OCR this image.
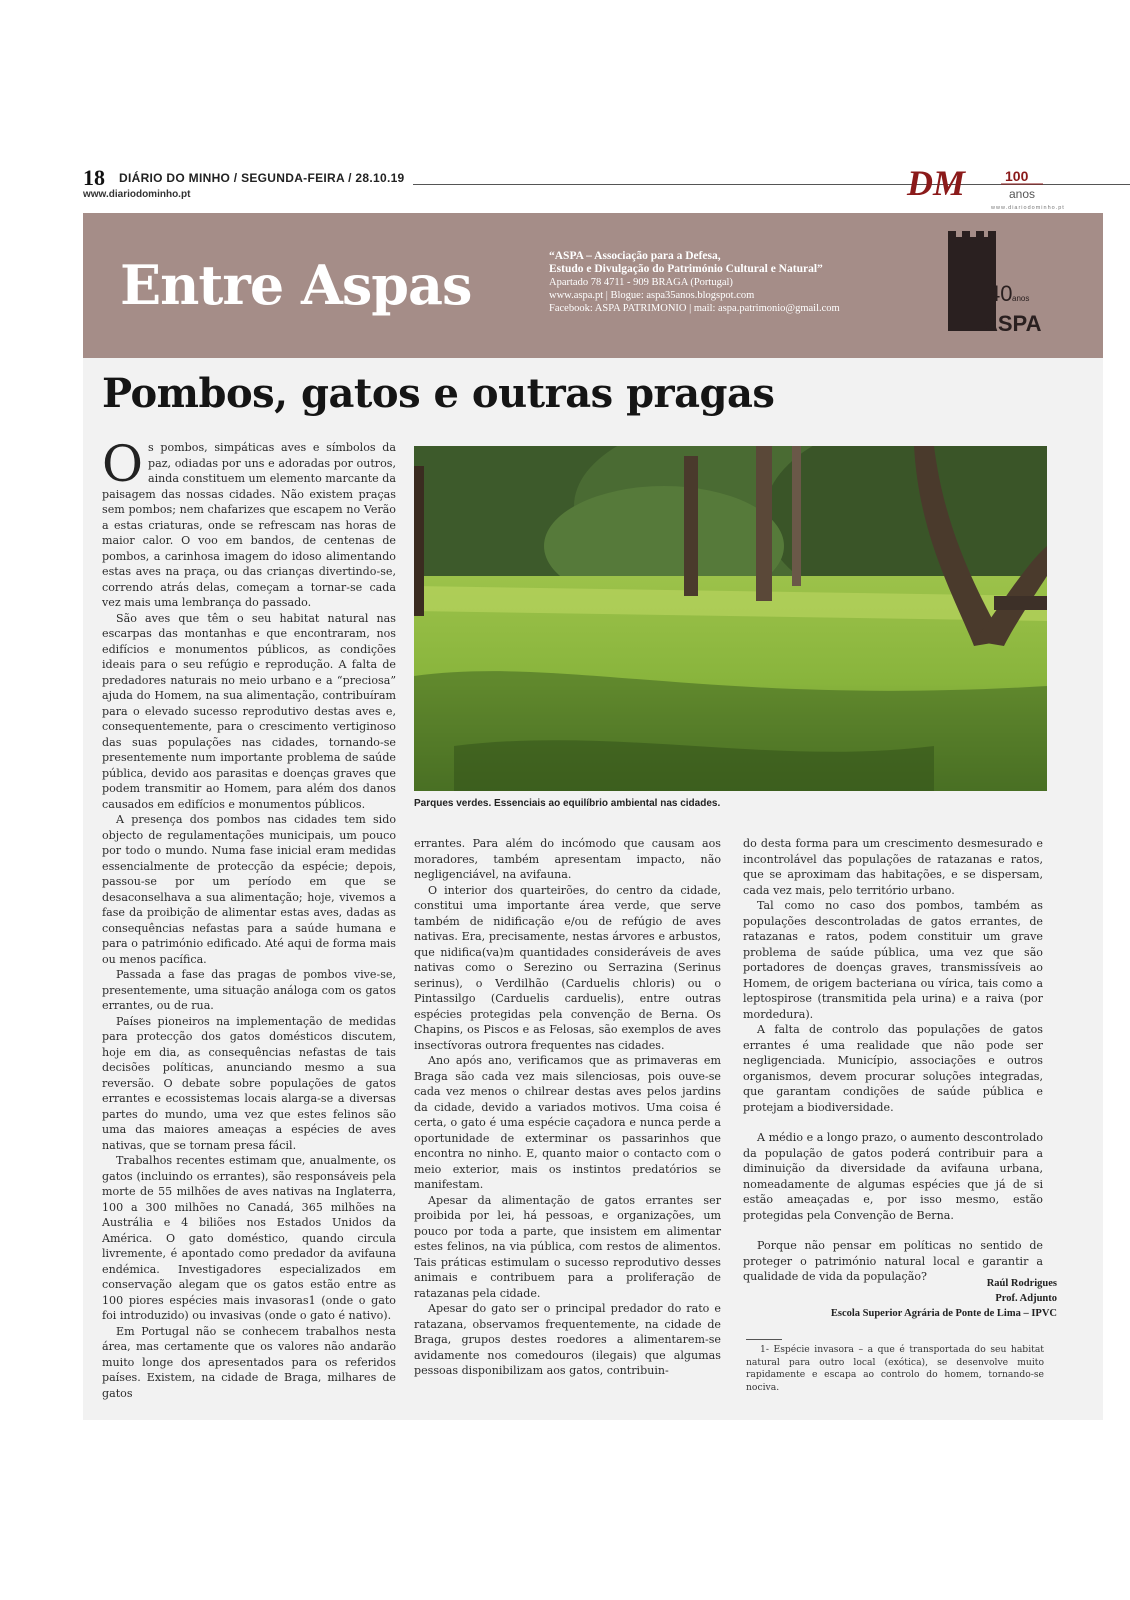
18 DIÁRIO DO MINHO / SEGUNDA-FEIRA / 28.10.19
www.diariodominho.pt	DM	100
anos
www.diariodominho.pt
Entre Aspas	“ASPA – Associação para a Defesa,
Estudo e Divulgação do Património Cultural e Natural”
Apartado 78 4711 - 909 BRAGA (Portugal)
www.aspa.pt | Blogue: aspa35anos.blogspot.com
Facebook: ASPA PATRIMONIO | mail: aspa.patrimonio@gmail.com
40 anos
ASPA
Pombos, gatos e outras pragas
O s pombos, simpáticas aves e símbolos da paz, odiadas por uns e adoradas por outros, ainda constituem um elemento marcante da paisagem das nossas cidades. Não existem praças sem pombos; nem chafarizes que escapem no Verão a estas criaturas, onde se refrescam nas horas de maior calor. O voo em bandos, de centenas de pombos, a carinhosa imagem do idoso alimentando estas aves na praça, ou das crianças divertindo-se, correndo atrás delas, começam a tornar-se cada vez mais uma lembrança do passado.

São aves que têm o seu habitat natural nas escarpas das montanhas e que encontraram, nos edifícios e monumentos públicos, as condições ideais para o seu refúgio e reprodução. A falta de predadores naturais no meio urbano e a “preciosa” ajuda do Homem, na sua alimentação, contribuíram para o elevado sucesso reprodutivo destas aves e, consequentemente, para o crescimento vertiginoso das suas populações nas cidades, tornando-se presentemente num importante problema de saúde pública, devido aos parasitas e doenças graves que podem transmitir ao Homem, para além dos danos causados em edifícios e monumentos públicos.

A presença dos pombos nas cidades tem sido objecto de regulamentações municipais, um pouco por todo o mundo. Numa fase inicial eram medidas essencialmente de protecção da espécie; depois, passou-se por um período em que se desaconselhava a sua alimentação; hoje, vivemos a fase da proibição de alimentar estas aves, dadas as consequências nefastas para a saúde humana e para o património edificado. Até aqui de forma mais ou menos pacífica.

Passada a fase das pragas de pombos vive-se, presentemente, uma situação análoga com os gatos errantes, ou de rua.

Países pioneiros na implementação de medidas para protecção dos gatos domésticos discutem, hoje em dia, as consequências nefastas de tais decisões políticas, anunciando mesmo a sua reversão. O debate sobre populações de gatos errantes e ecossistemas locais alarga-se a diversas partes do mundo, uma vez que estes felinos são uma das maiores ameaças a espécies de aves nativas, que se tornam presa fácil.

Trabalhos recentes estimam que, anualmente, os gatos (incluindo os errantes), são responsáveis pela morte de 55 milhões de aves nativas na Inglaterra, 100 a 300 milhões no Canadá, 365 milhões na Austrália e 4 biliões nos Estados Unidos da América. O gato doméstico, quando circula livremente, é apontado como predador da avifauna endémica. Investigadores especializados em conservação alegam que os gatos estão entre as 100 piores espécies mais invasoras1 (onde o gato foi introduzido) ou invasivas (onde o gato é nativo).

Em Portugal não se conhecem trabalhos nesta área, mas certamente que os valores não andarão muito longe dos apresentados para os referidos países. Existem, na cidade de Braga, milhares de gatos

Parques verdes. Essenciais ao equilíbrio ambiental nas cidades.

errantes. Para além do incómodo que causam aos moradores, também apresentam impacto, não negligenciável, na avifauna.

O interior dos quarteirões, do centro da cidade, constitui uma importante área verde, que serve também de nidificação e/ou de refúgio de aves nativas. Era, precisamente, nestas árvores e arbustos, que nidifica(va)m quantidades consideráveis de aves nativas como o Serezino ou Serrazina (Serinus serinus), o Verdilhão (Carduelis chloris) ou o Pintassilgo (Carduelis carduelis), entre outras espécies protegidas pela convenção de Berna. Os Chapins, os Piscos e as Felosas, são exemplos de aves insectívoras outrora frequentes nas cidades.

Ano após ano, verificamos que as primaveras em Braga são cada vez mais silenciosas, pois ouve-se cada vez menos o chilrear destas aves pelos jardins da cidade, devido a variados motivos. Uma coisa é certa, o gato é uma espécie caçadora e nunca perde a oportunidade de exterminar os passarinhos que encontra no ninho. E, quanto maior o contacto com o meio exterior, mais os instintos predatórios se manifestam.

Apesar da alimentação de gatos errantes ser proibida por lei, há pessoas, e organizações, um pouco por toda a parte, que insistem em alimentar estes felinos, na via pública, com restos de alimentos. Tais práticas estimulam o sucesso reprodutivo desses animais e contribuem para a proliferação de ratazanas pela cidade.

Apesar do gato ser o principal predador do rato e ratazana, observamos frequentemente, na cidade de Braga, grupos destes roedores a alimentarem-se avidamente nos comedouros (ilegais) que algumas pessoas disponibilizam aos gatos, contribuin-

do desta forma para um crescimento desmesurado e incontrolável das populações de ratazanas e ratos, que se aproximam das habitações, e se dispersam, cada vez mais, pelo território urbano.

Tal como no caso dos pombos, também as populações descontroladas de gatos errantes, de ratazanas e ratos, podem constituir um grave problema de saúde pública, uma vez que são portadores de doenças graves, transmissíveis ao Homem, de origem bacteriana ou vírica, tais como a leptospirose (transmitida pela urina) e a raiva (por mordedura).

A falta de controlo das populações de gatos errantes é uma realidade que não pode ser negligenciada. Município, associações e outros organismos, devem procurar soluções integradas, que garantam condições de saúde pública e protejam a biodiversidade.

A médio e a longo prazo, o aumento descontrolado da população de gatos poderá contribuir para a diminuição da diversidade da avifauna urbana, nomeadamente de algumas espécies que já de si estão ameaçadas e, por isso mesmo, estão protegidas pela Convenção de Berna.

Porque não pensar em políticas no sentido de proteger o património natural local e garantir a qualidade de vida da população?

Raúl Rodrigues
Prof. Adjunto
Escola Superior Agrária de Ponte de Lima – IPVC
1- Espécie invasora – a que é transportada do seu habitat natural para outro local (exótica), se desenvolve muito rapidamente e escapa ao controlo do homem, tornando-se nociva.
